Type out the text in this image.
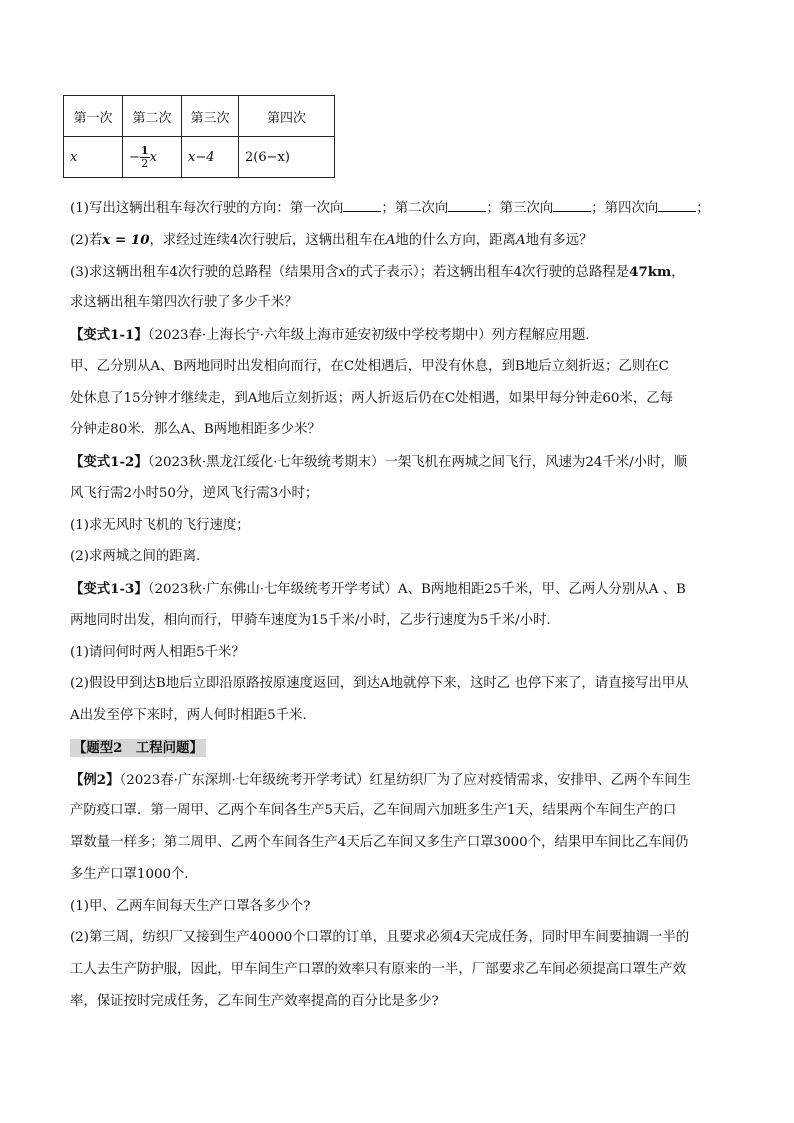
第一次	第二次	第三次	第四次
x	− $\frac{1}{2}$ x	x−4	2(6−x)
(1)写出这辆出租车每次行驶的方向：第一次向	；第二次向	；第三次向	；第四次向	；
(2)若x = 10，求经过连续4次行驶后，这辆出租车在A地的什么方向，距离A地有多远？
(3)求这辆出租车4次行驶的总路程（结果用含x的式子表示）；若这辆出租车4次行驶的总路程是47km，
求这辆出租车第四次行驶了多少千米？
【变式1-1】（2023春·上海长宁·六年级上海市延安初级中学校考期中）列方程解应用题．
甲、乙分别从A、B两地同时出发相向而行，在C处相遇后，甲没有休息，到B地后立刻折返；乙则在C
处休息了15分钟才继续走，到A地后立刻折返；两人折返后仍在C处相遇，如果甲每分钟走60米，乙每
分钟走80米．那么A、B两地相距多少米？
【变式1-2】（2023秋·黑龙江绥化·七年级统考期末）一架飞机在两城之间飞行，风速为24千米/小时，顺
风飞行需2小时50分，逆风飞行需3小时；
(1)求无风时飞机的飞行速度；
(2)求两城之间的距离．
【变式1-3】（2023秋·广东佛山·七年级统考开学考试）A、B两地相距25千米，甲、乙两人分别从A 、B
两地同时出发，相向而行，甲骑车速度为15千米/小时，乙步行速度为5千米/小时．
(1)请问何时两人相距5千米？
(2)假设甲到达B地后立即沿原路按原速度返回，到达A地就停下来，这时乙 也停下来了，请直接写出甲从
A出发至停下来时，两人何时相距5千米．
【题型2　工程问题】
【例2】（2023春·广东深圳·七年级统考开学考试）红星纺织厂为了应对疫情需求，安排甲、乙两个车间生
产防疫口罩．第一周甲、乙两个车间各生产5天后，乙车间周六加班多生产1天，结果两个车间生产的口
罩数量一样多；第二周甲、乙两个车间各生产4天后乙车间又多生产口罩3000个，结果甲车间比乙车间仍
多生产口罩1000个．
(1)甲、乙两车间每天生产口罩各多少个?
(2)第三周，纺织厂又接到生产40000个口罩的订单，且要求必须4天完成任务，同时甲车间要抽调一半的
工人去生产防护服，因此，甲车间生产口罩的效率只有原来的一半，厂部要求乙车间必须提高口罩生产效
率，保证按时完成任务，乙车间生产效率提高的百分比是多少?
